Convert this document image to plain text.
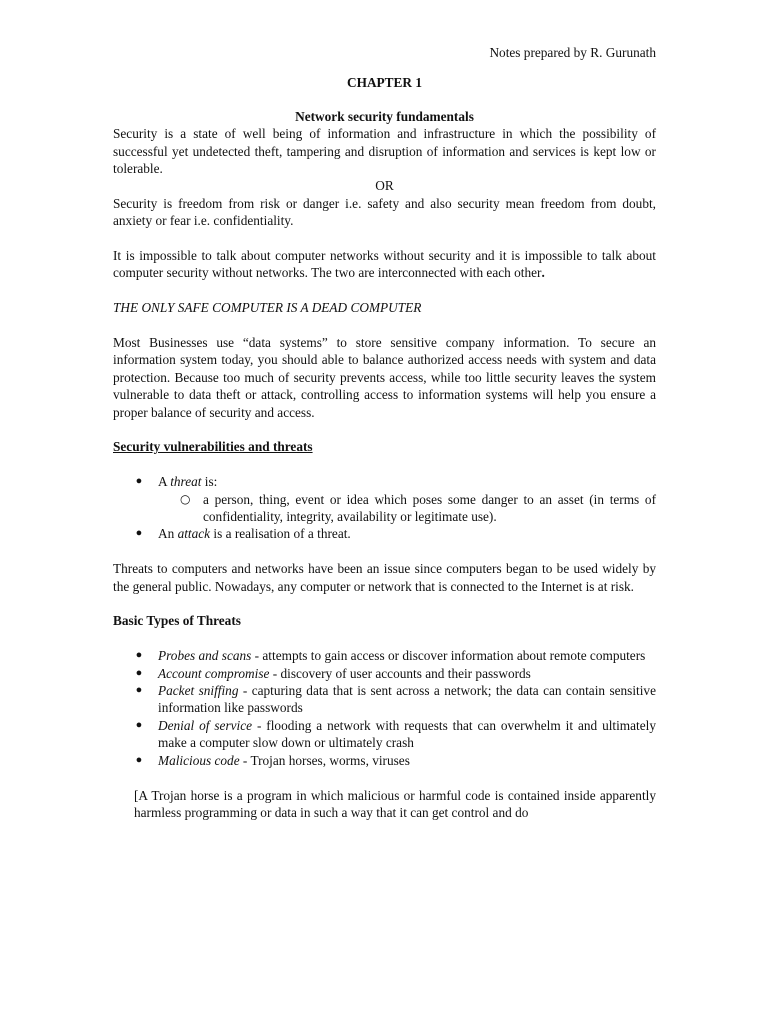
Notes prepared by R. Gurunath

CHAPTER 1

Network security fundamentals

Security is a state of well being of information and infrastructure in which the possibility of successful yet undetected theft, tampering and disruption of information and services is kept low or tolerable.

OR

Security is freedom from risk or danger i.e. safety and also security mean freedom from doubt, anxiety or fear i.e. confidentiality.

It is impossible to talk about computer networks without security and it is impossible to talk about computer security without networks. The two are interconnected with each other.

THE ONLY SAFE COMPUTER IS A DEAD COMPUTER

Most Businesses use “data systems” to store sensitive company information. To secure an information system today, you should able to balance authorized access needs with system and data protection. Because too much of security prevents access, while too little security leaves the system vulnerable to data theft or attack, controlling access to information systems will help you ensure a proper balance of security and access.

Security vulnerabilities and threats

● A threat is:
○ a person, thing, event or idea which poses some danger to an asset (in terms of confidentiality, integrity, availability or legitimate use).
● An attack is a realisation of a threat.

Threats to computers and networks have been an issue since computers began to be used widely by the general public. Nowadays, any computer or network that is connected to the Internet is at risk.

Basic Types of Threats

● Probes and scans - attempts to gain access or discover information about remote computers
● Account compromise - discovery of user accounts and their passwords
● Packet sniffing - capturing data that is sent across a network; the data can contain sensitive information like passwords
● Denial of service - flooding a network with requests that can overwhelm it and ultimately make a computer slow down or ultimately crash
● Malicious code - Trojan horses, worms, viruses

[A Trojan horse is a program in which malicious or harmful code is contained inside apparently harmless programming or data in such a way that it can get control and do
